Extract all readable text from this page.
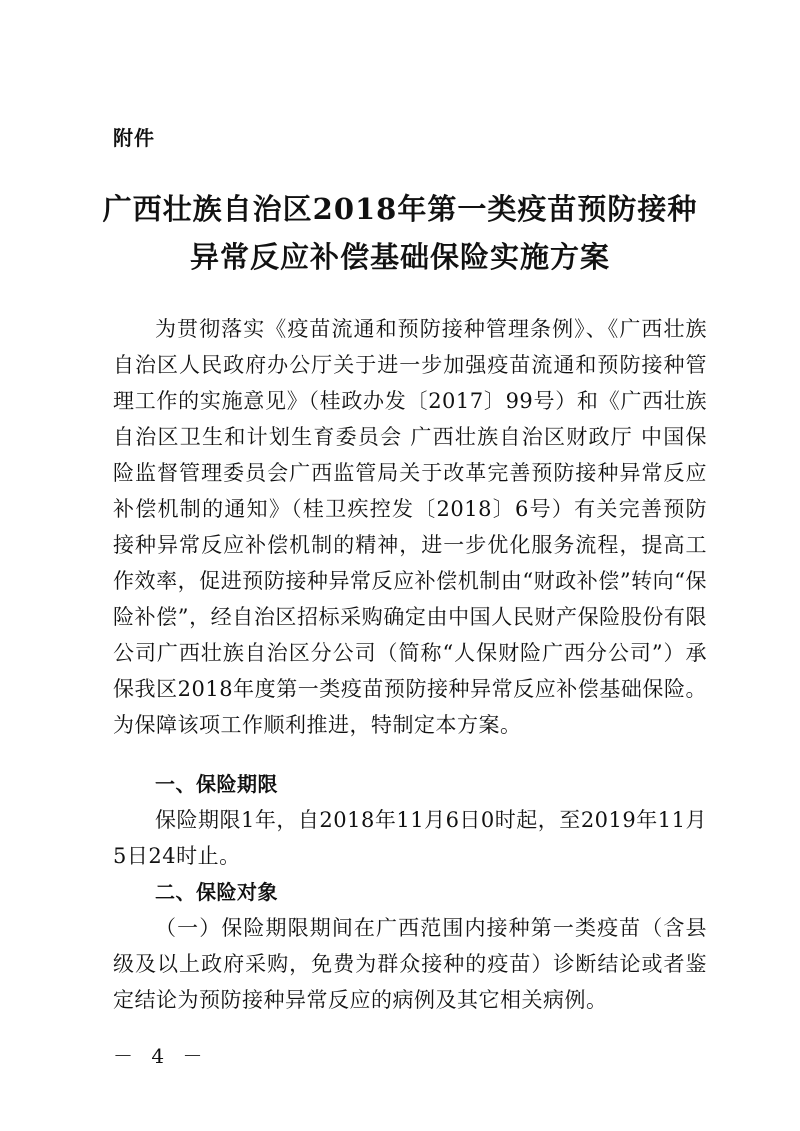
附件
广西壮族自治区2018年第一类疫苗预防接种
异常反应补偿基础保险实施方案

为贯彻落实《疫苗流通和预防接种管理条例》、《广西壮族自治区人民政府办公厅关于进一步加强疫苗流通和预防接种管理工作的实施意见》（桂政办发〔2017〕99号）和《广西壮族自治区卫生和计划生育委员会 广西壮族自治区财政厅 中国保险监督管理委员会广西监管局关于改革完善预防接种异常反应补偿机制的通知》（桂卫疾控发〔2018〕6号）有关完善预防接种异常反应补偿机制的精神，进一步优化服务流程，提高工作效率，促进预防接种异常反应补偿机制由“财政补偿”转向“保险补偿”，经自治区招标采购确定由中国人民财产保险股份有限公司广西壮族自治区分公司（简称“人保财险广西分公司”）承保我区2018年度第一类疫苗预防接种异常反应补偿基础保险。为保障该项工作顺利推进，特制定本方案。

一、保险期限

保险期限1年，自2018年11月6日0时起，至2019年11月5日24时止。

二、保险对象

（一）保险期限期间在广西范围内接种第一类疫苗（含县级及以上政府采购，免费为群众接种的疫苗）诊断结论或者鉴定结论为预防接种异常反应的病例及其它相关病例。

－ 4 －
